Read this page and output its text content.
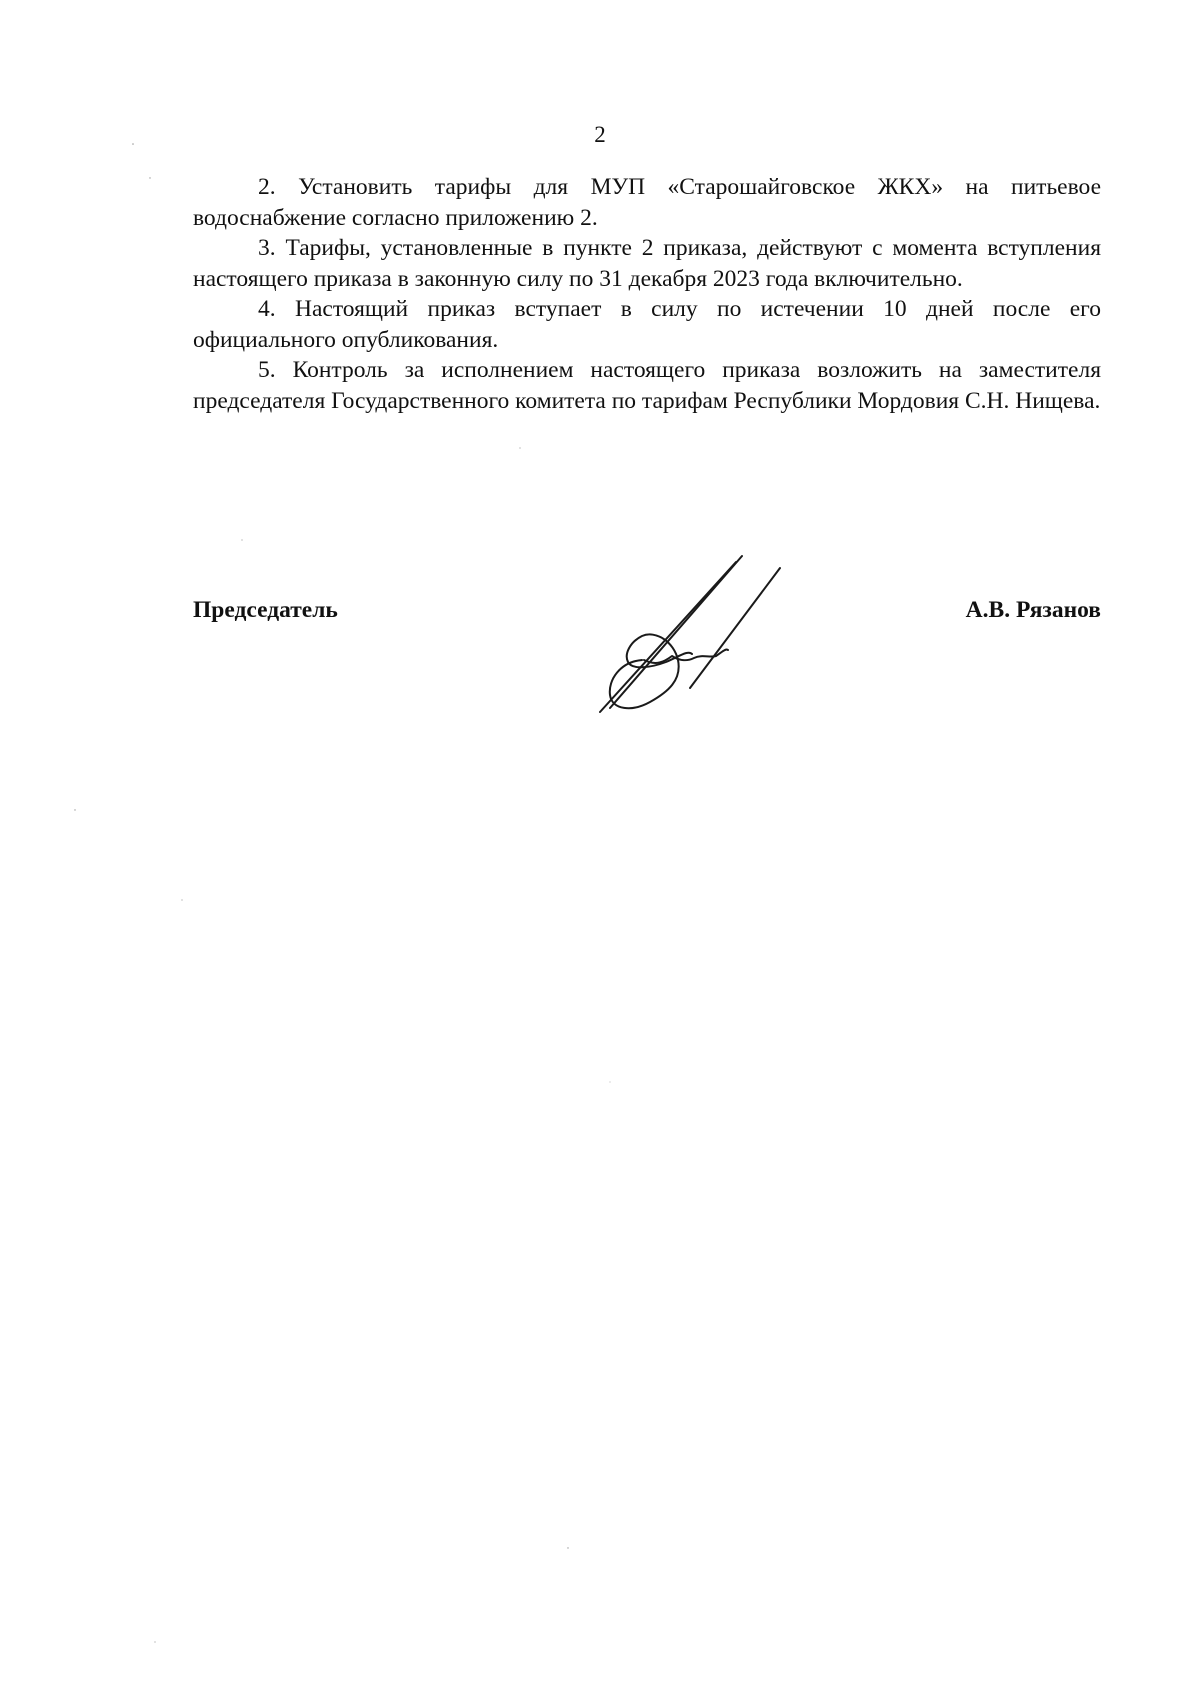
2

2. Установить тарифы для МУП «Старошайговское ЖКХ» на питьевое водоснабжение согласно приложению 2.

3. Тарифы, установленные в пункте 2 приказа, действуют с момента вступления настоящего приказа в законную силу по 31 декабря 2023 года включительно.

4. Настоящий приказ вступает в силу по истечении 10 дней после его официального опубликования.

5. Контроль за исполнением настоящего приказа возложить на заместителя председателя Государственного комитета по тарифам Республики Мордовия С.Н. Нищева.

Председатель	А.В. Рязанов
